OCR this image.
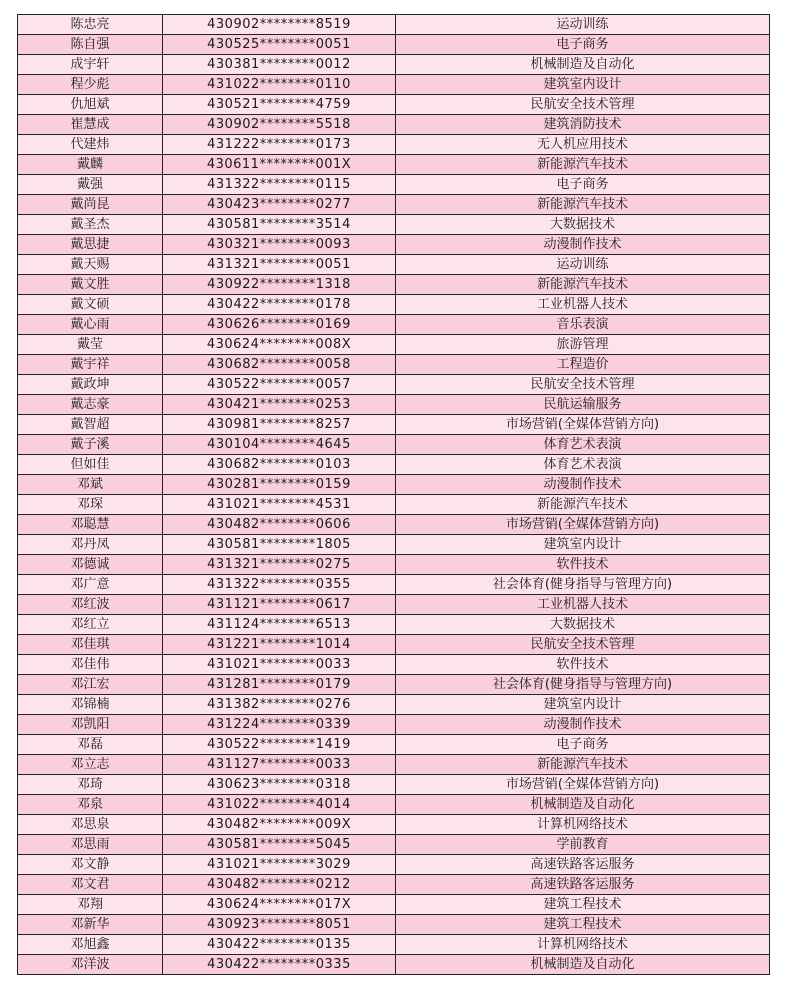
陈忠亮	430902********8519	运动训练
陈自强	430525********0051	电子商务
成宇轩	430381********0012	机械制造及自动化
程少彪	431022********0110	建筑室内设计
仇旭斌	430521********4759	民航安全技术管理
崔慧成	430902********5518	建筑消防技术
代建炜	431222********0173	无人机应用技术
戴麟	430611********001X	新能源汽车技术
戴强	431322********0115	电子商务
戴尚昆	430423********0277	新能源汽车技术
戴圣杰	430581********3514	大数据技术
戴思捷	430321********0093	动漫制作技术
戴天赐	431321********0051	运动训练
戴文胜	430922********1318	新能源汽车技术
戴文硕	430422********0178	工业机器人技术
戴心雨	430626********0169	音乐表演
戴莹	430624********008X	旅游管理
戴宇祥	430682********0058	工程造价
戴政坤	430522********0057	民航安全技术管理
戴志豪	430421********0253	民航运输服务
戴智超	430981********8257	市场营销(全媒体营销方向)
戴子溪	430104********4645	体育艺术表演
但如佳	430682********0103	体育艺术表演
邓斌	430281********0159	动漫制作技术
邓琛	431021********4531	新能源汽车技术
邓聪慧	430482********0606	市场营销(全媒体营销方向)
邓丹凤	430581********1805	建筑室内设计
邓德诚	431321********0275	软件技术
邓广意	431322********0355	社会体育(健身指导与管理方向)
邓红波	431121********0617	工业机器人技术
邓红立	431124********6513	大数据技术
邓佳琪	431221********1014	民航安全技术管理
邓佳伟	431021********0033	软件技术
邓江宏	431281********0179	社会体育(健身指导与管理方向)
邓锦楠	431382********0276	建筑室内设计
邓凯阳	431224********0339	动漫制作技术
邓磊	430522********1419	电子商务
邓立志	431127********0033	新能源汽车技术
邓琦	430623********0318	市场营销(全媒体营销方向)
邓泉	431022********4014	机械制造及自动化
邓思泉	430482********009X	计算机网络技术
邓思雨	430581********5045	学前教育
邓文静	431021********3029	高速铁路客运服务
邓文君	430482********0212	高速铁路客运服务
邓翔	430624********017X	建筑工程技术
邓新华	430923********8051	建筑工程技术
邓旭鑫	430422********0135	计算机网络技术
邓洋波	430422********0335	机械制造及自动化
